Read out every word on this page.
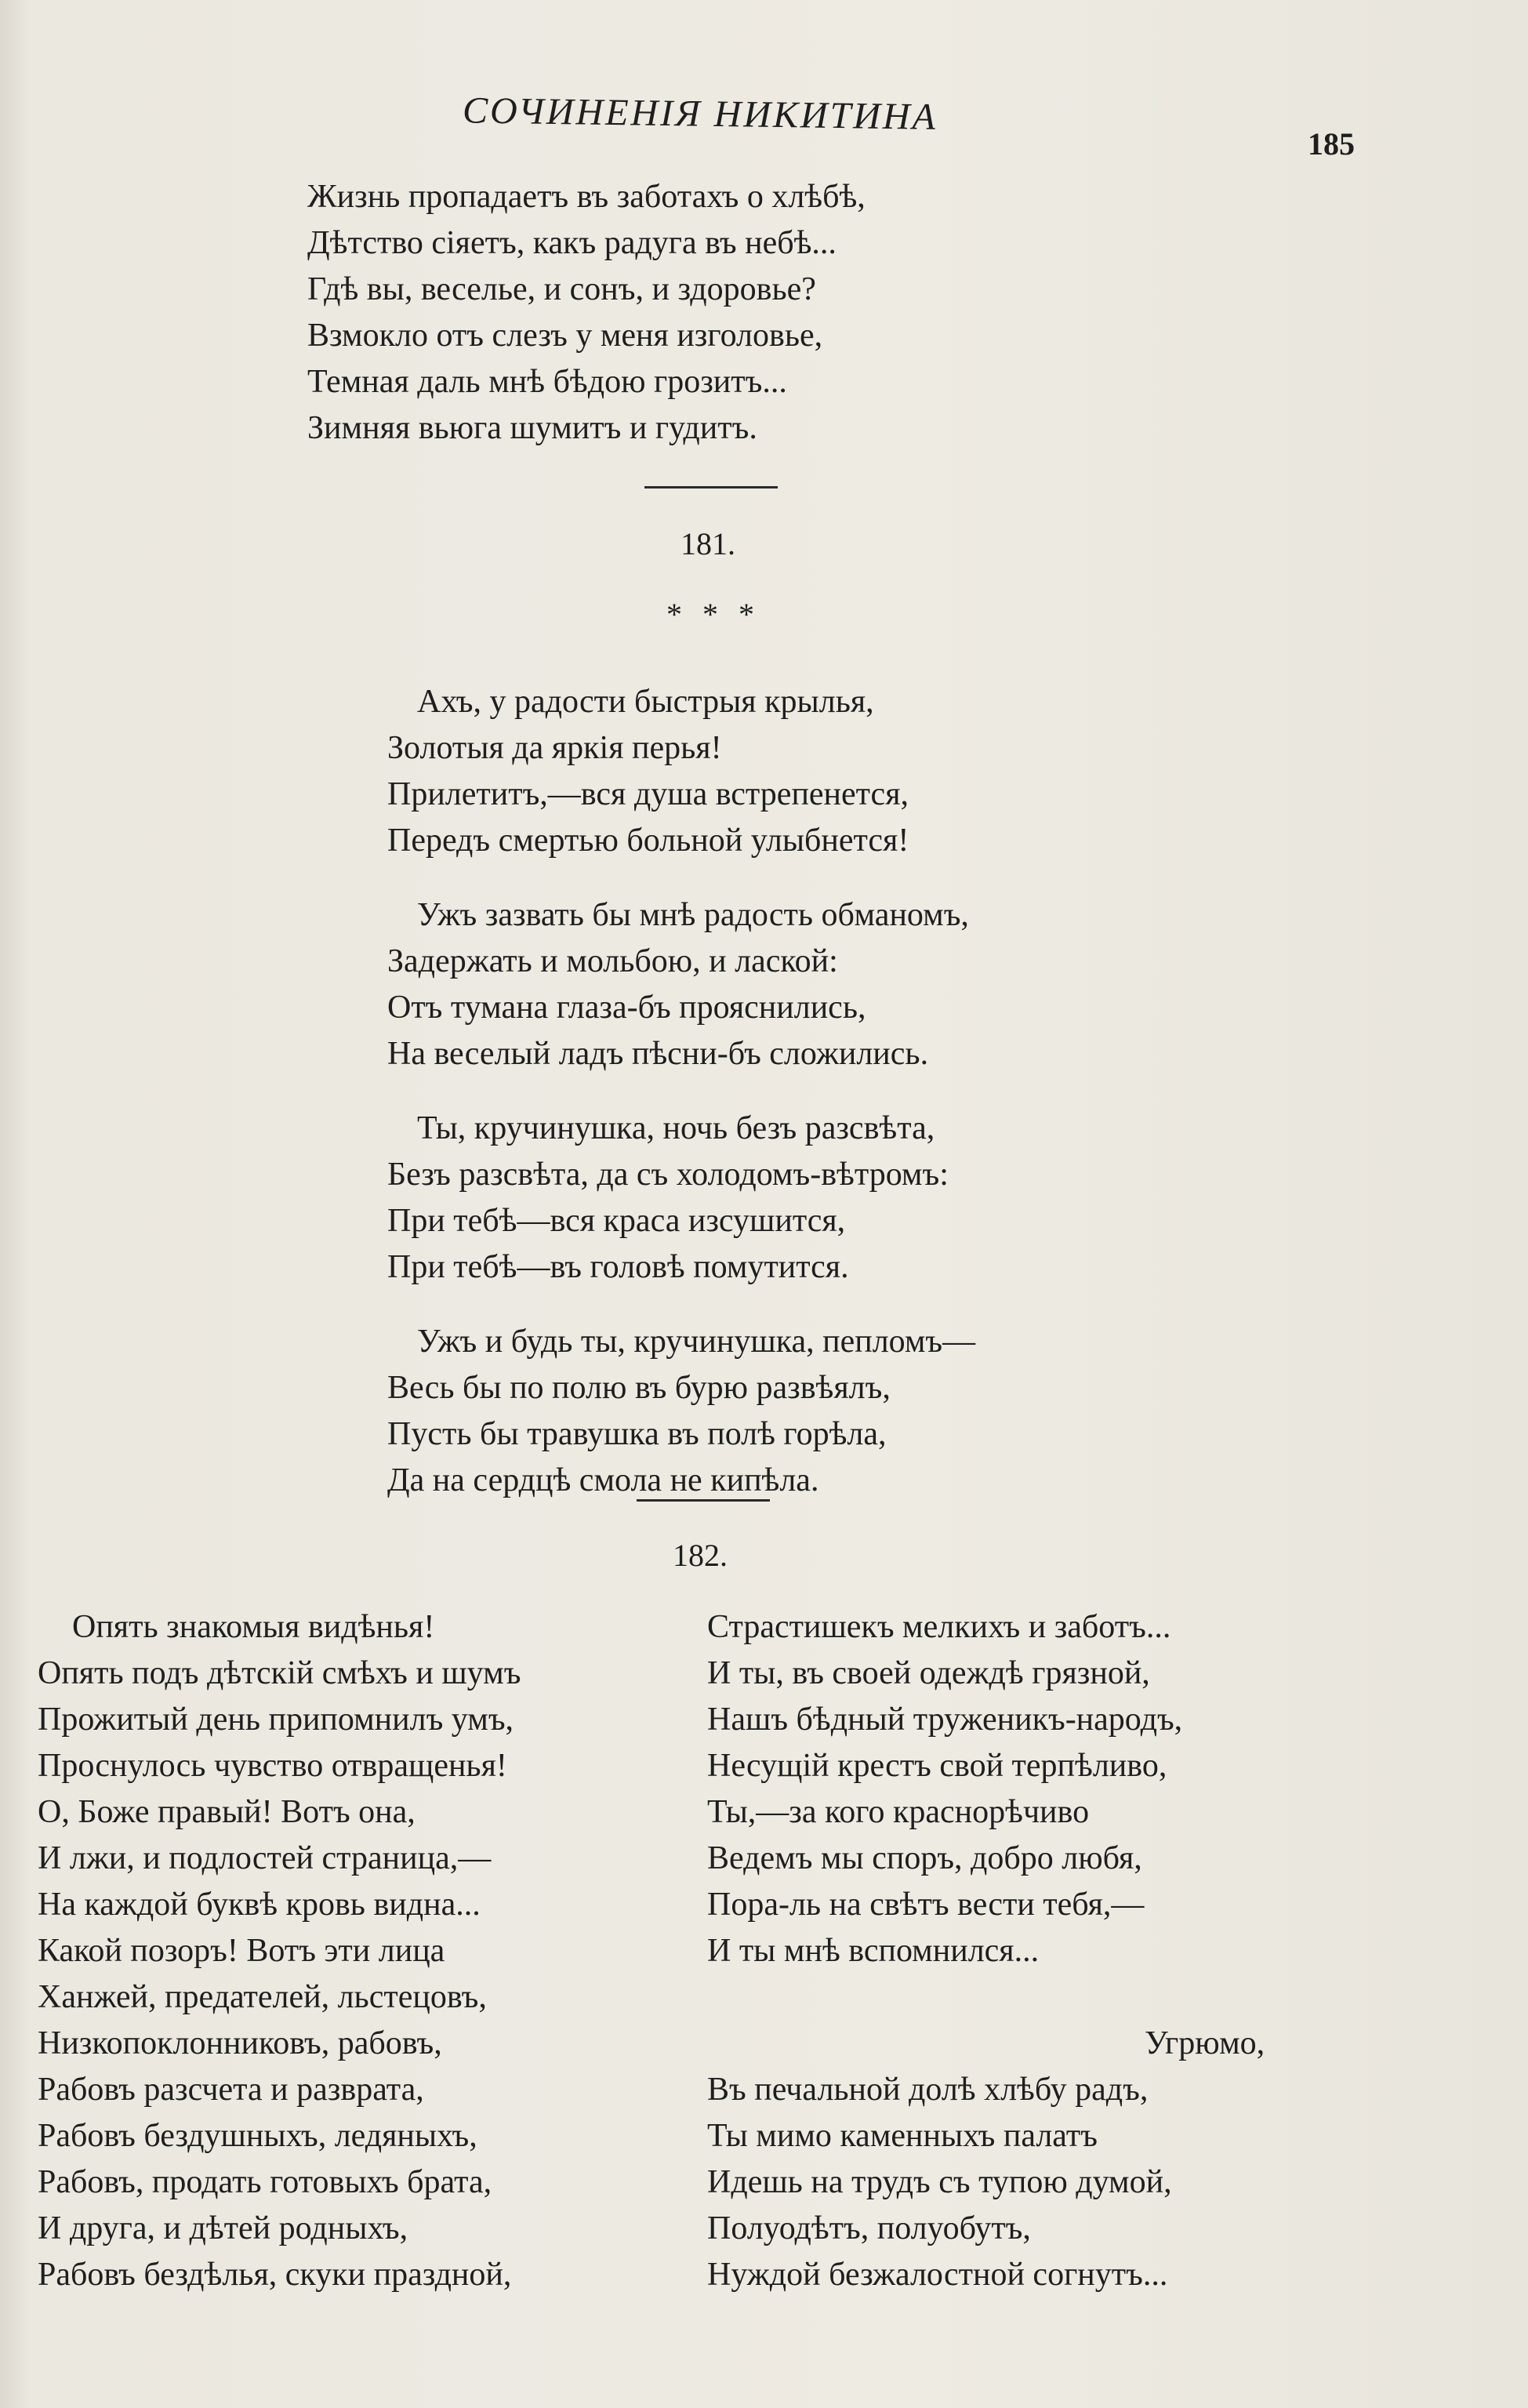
СОЧИНЕНІЯ НИКИТИНА
185
Жизнь пропадаетъ въ заботахъ о хлѣбѣ,
Дѣтство сіяетъ, какъ радуга въ небѣ...
Гдѣ вы, веселье, и сонъ, и здоровье?
Взмокло отъ слезъ у меня изголовье,
Темная даль мнѣ бѣдою грозитъ...
Зимняя вьюга шумитъ и гудитъ.
181.
* * *
Ахъ, у радости быстрыя крылья,
Золотыя да яркія перья!
Прилетитъ,—вся душа встрепенется,
Передъ смертью больной улыбнется!
Ужъ зазвать бы мнѣ радость обманомъ,
Задержать и мольбою, и лаской:
Отъ тумана глаза-бъ прояснились,
На веселый ладъ пѣсни-бъ сложились.
Ты, кручинушка, ночь безъ разсвѣта,
Безъ разсвѣта, да съ холодомъ-вѣтромъ:
При тебѣ—вся краса изсушится,
При тебѣ—въ головѣ помутится.
Ужъ и будь ты, кручинушка, пепломъ—
Весь бы по полю въ бурю развѣялъ,
Пусть бы травушка въ полѣ горѣла,
Да на сердцѣ смола не кипѣла.
182.
Опять знакомыя видѣнья!
Опять подъ дѣтскій смѣхъ и шумъ
Прожитый день припомнилъ умъ,
Проснулось чувство отвращенья!
О, Боже правый! Вотъ она,
И лжи, и подлостей страница,—
На каждой буквѣ кровь видна...
Какой позоръ! Вотъ эти лица
Ханжей, предателей, льстецовъ,
Низкопоклонниковъ, рабовъ,
Рабовъ разсчета и разврата,
Рабовъ бездушныхъ, ледяныхъ,
Рабовъ, продать готовыхъ брата,
И друга, и дѣтей родныхъ,
Рабовъ бездѣлья, скуки праздной,
Страстишекъ мелкихъ и заботъ...
И ты, въ своей одеждѣ грязной,
Нашъ бѣдный труженикъ-народъ,
Несущій крестъ свой терпѣливо,
Ты,—за кого краснорѣчиво
Ведемъ мы споръ, добро любя,
Пора-ль на свѣтъ вести тебя,—
И ты мнѣ вспомнился...
Угрюмо,
Въ печальной долѣ хлѣбу радъ,
Ты мимо каменныхъ палатъ
Идешь на трудъ съ тупою думой,
Полуодѣтъ, полуобутъ,
Нуждой безжалостной согнутъ...
